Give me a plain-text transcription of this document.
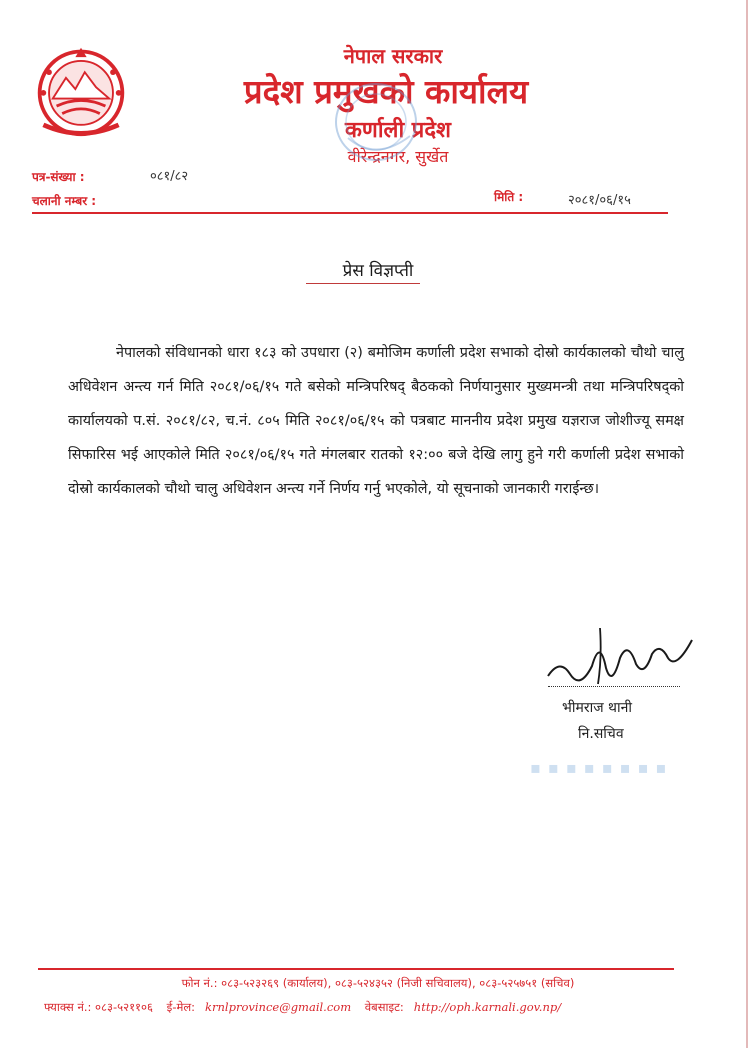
नेपाल सरकार
प्रदेश प्रमुखको कार्यालय
कर्णाली प्रदेश
वीरेन्द्रनगर, सुर्खेत
पत्र-संख्या :	०८१/८२
चलानी नम्बर :	मिति :	२०८१/०६/१५
प्रेस विज्ञप्ती
नेपालको संविधानको धारा १८३ को उपधारा (२) बमोजिम कर्णाली प्रदेश सभाको दोस्रो कार्यकालको चौथो चालु अधिवेशन अन्त्य गर्न मिति २०८१/०६/१५ गते बसेको मन्त्रिपरिषद् बैठकको निर्णयानुसार मुख्यमन्त्री तथा मन्त्रिपरिषद्को कार्यालयको प.सं. २०८१/८२, च.नं. ८०५ मिति २०८१/०६/१५ को पत्रबाट माननीय प्रदेश प्रमुख यज्ञराज जोशीज्यू समक्ष सिफारिस भई आएकोले मिति २०८१/०६/१५ गते मंगलबार रातको १२:०० बजे देखि लागु हुने गरी कर्णाली प्रदेश सभाको दोस्रो कार्यकालको चौथो चालु अधिवेशन अन्त्य गर्ने निर्णय गर्नु भएकोले, यो सूचनाको जानकारी गराईन्छ।
भीमराज थानी
नि.सचिव
▪ ▪ ▪ ▪ ▪ ▪ ▪ ▪
फोन नं.: ०८३-५२३२६९ (कार्यालय), ०८३-५२४३५२ (निजी सचिवालय), ०८३-५२५७५१ (सचिव)
फ्याक्स नं.: ०८३-५२११०६ ई-मेल: krnlprovince@gmail.com वेबसाइट: http://oph.karnali.gov.np/
